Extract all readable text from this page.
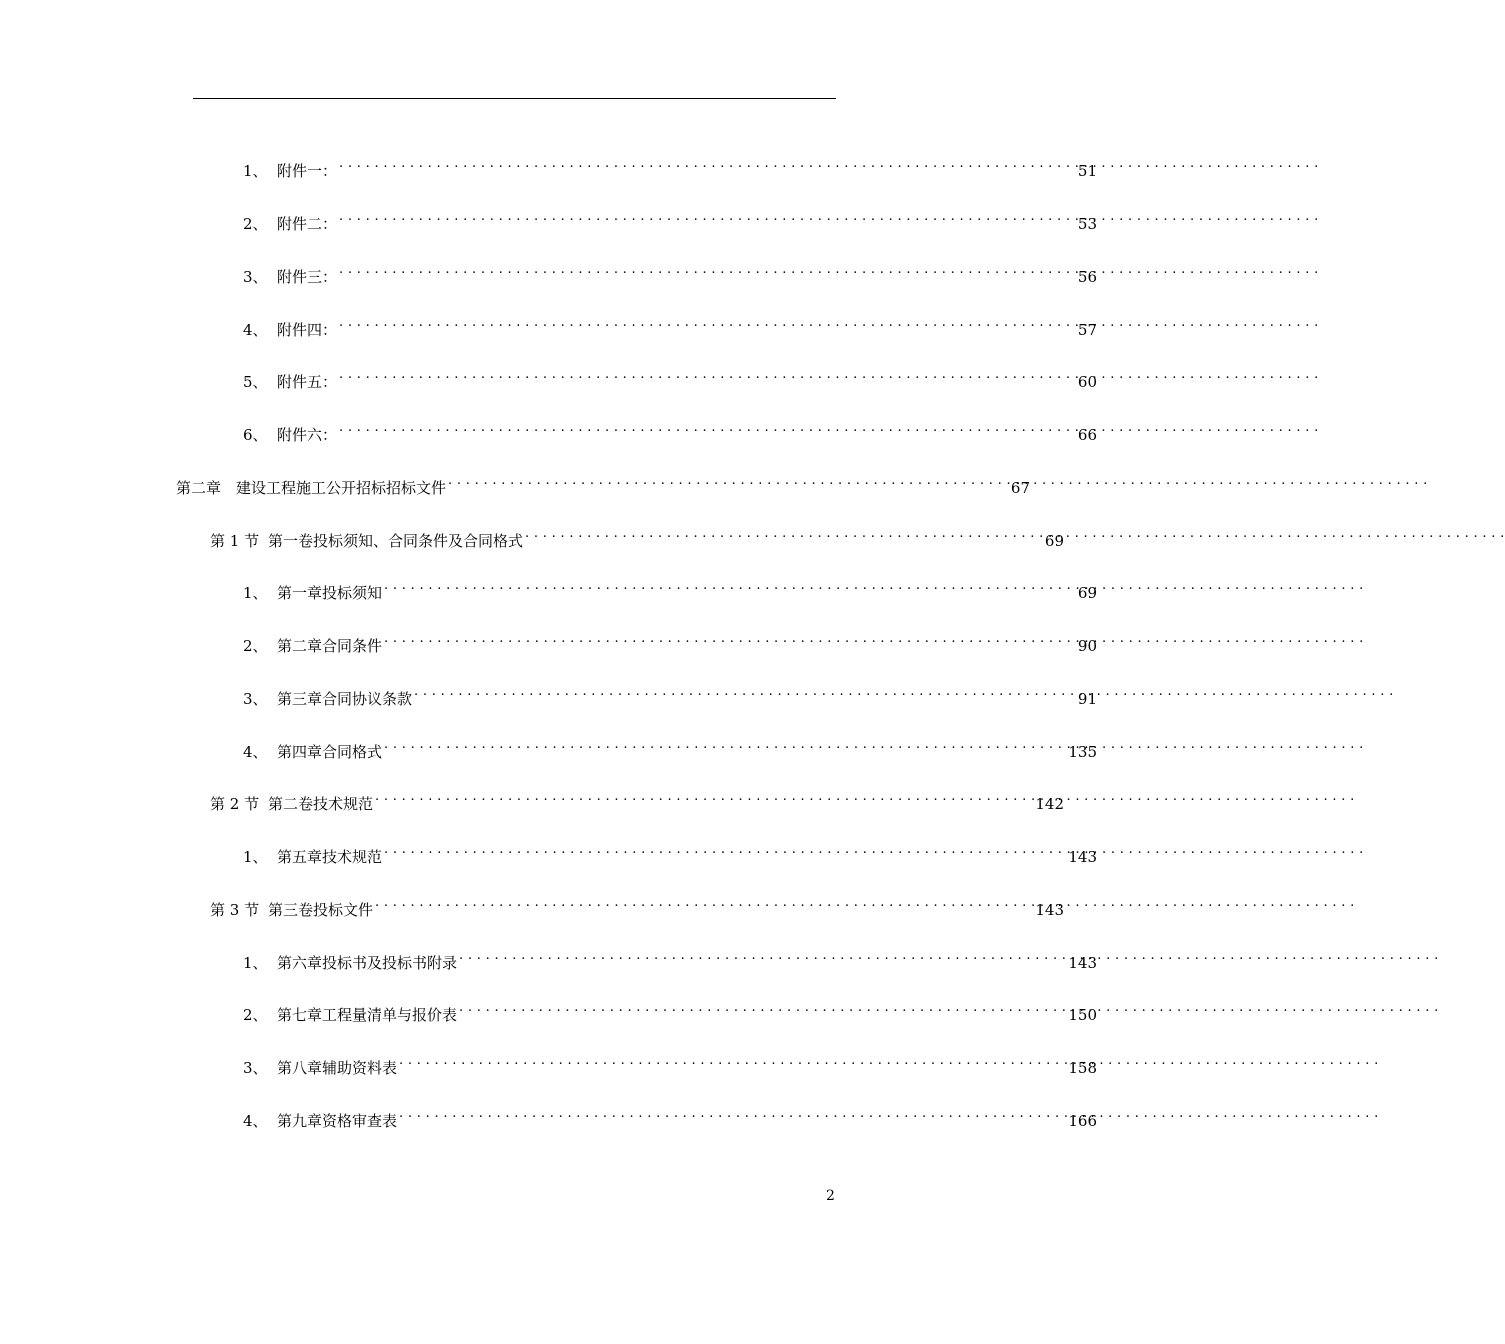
1、 附件一： . . .	51
2、 附件二： . . .	53
3、 附件三： . . .	56
4、 附件四： . . .	57
5、 附件五： . . .	60
6、 附件六： . . .	66
第二章 建设工程施工公开招标招标文件 . . .	67
第 1 节 第一卷投标须知、合同条件及合同格式 . . .	69
1、 第一章投标须知 . . .	69
2、 第二章合同条件 . . .	90
3、 第三章合同协议条款 . . .	91
4、 第四章合同格式 . . .	135
第 2 节 第二卷技术规范 . . .	142
1、 第五章技术规范 . . .	143
第 3 节 第三卷投标文件 . . .	143
1、 第六章投标书及投标书附录 . . .	143
2、 第七章工程量清单与报价表 . . .	150
3、 第八章辅助资料表 . . .	158
4、 第九章资格审查表 . . .	166
2
